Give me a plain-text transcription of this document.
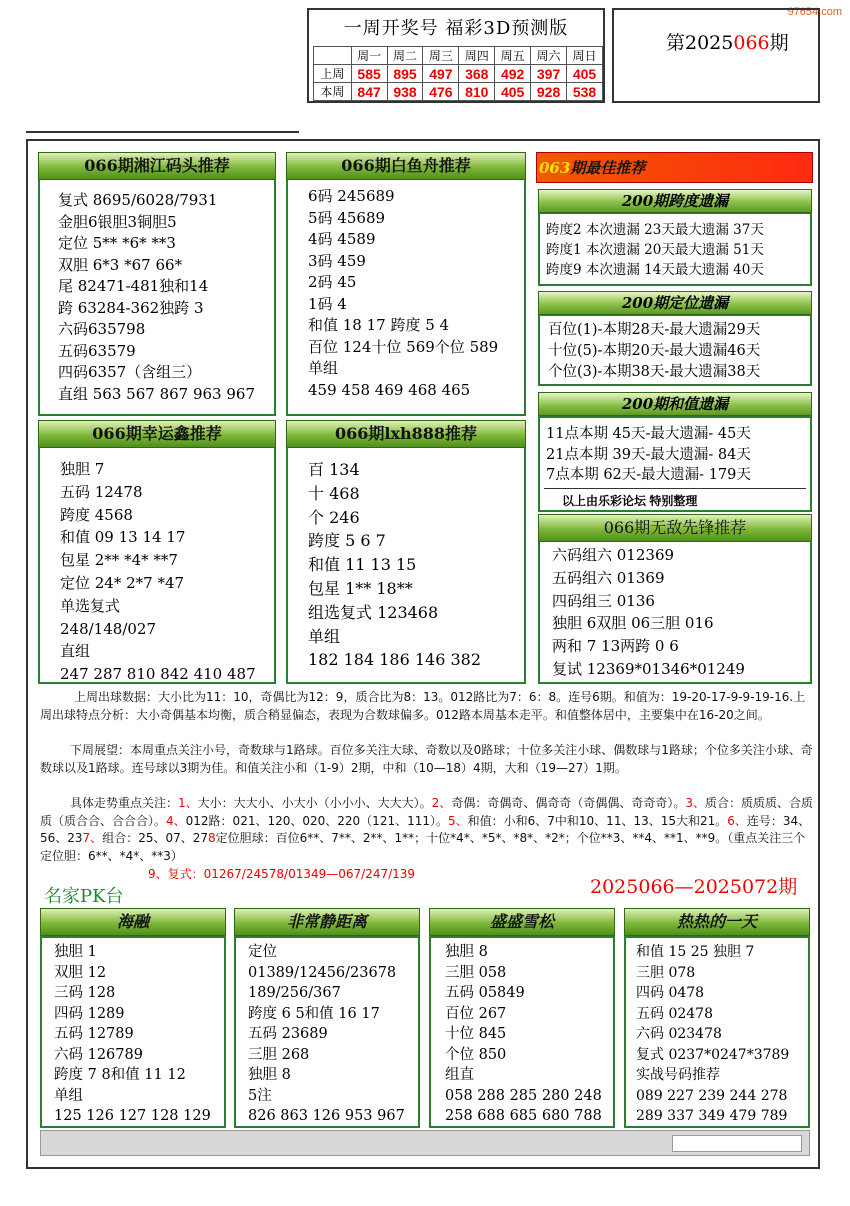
97654.com
一周开奖号 福彩3D预测版
	周一	周二	周三	周四	周五	周六	周日
上周	585	895	497	368	492	397	405
本周	847	938	476	810	405	928	538
第2025066期
复式 8695/6028/7931
金胆6银胆3铜胆5
定位 5** *6* **3
双胆 6*3 *67 66*
尾 82471-481独和14
跨 63284-362独跨 3
六码635798
五码63579
四码6357（含组三）
直组 563 567 867 963 967
066期湘江码头推荐
6码 245689
5码 45689
4码 4589
3码 459
2码 45
1码 4
和值 18 17 跨度 5 4
百位 124十位 569个位 589
单组
459 458 469 468 465
066期白鱼舟推荐
独胆 7
五码 12478
跨度 4568
和值 09 13 14 17
包星 2** *4* **7
定位 24* 2*7 *47
单选复式
248/148/027
直组
247 287 810 842 410 487
066期幸运鑫推荐
百 134
十 468
个 246
跨度 5 6 7
和值 11 13 15
包星 1** 18**
组选复式 123468
单组
182 184 186 146 382
066期lxh888推荐
063期最佳推荐
跨度2 本次遗漏 23天最大遗漏 37天
跨度1 本次遗漏 20天最大遗漏 51天
跨度9 本次遗漏 14天最大遗漏 40天
200期跨度遗漏
百位(1)-本期28天-最大遗漏29天
十位(5)-本期20天-最大遗漏46天
个位(3)-本期38天-最大遗漏38天
200期定位遗漏
11点本期 45天-最大遗漏- 45天
21点本期 39天-最大遗漏- 84天
7点本期 62天-最大遗漏- 179天
以上由乐彩论坛 特别整理
200期和值遗漏
六码组六 012369
五码组六 01369
四码组三 0136
独胆 6双胆 06三胆 016
两和 7 13两跨 0 6
复试 12369*01346*01249
066期无敌先锋推荐
上周出球数据：大小比为11：10，奇偶比为12：9，质合比为8：13。012路比为7：6：8。连号6期。和值为：19-20-17-9-9-19-16.上周出球特点分析：大小奇偶基本均衡，质合稍显偏态，表现为合数球偏多。012路本周基本走平。和值整体居中，主要集中在16-20之间。
下周展望：本周重点关注小号，奇数球与1路球。百位多关注大球、奇数以及0路球；十位多关注小球、偶数球与1路球；个位多关注小球、奇数球以及1路球。连号球以3期为佳。和值关注小和（1-9）2期，中和（10—18）4期，大和（19—27）1期。
具体走势重点关注：1、大小：大大小、小大小（小小小、大大大）。2、奇偶：奇偶奇、偶奇奇（奇偶偶、奇奇奇）。3、质合：质质质、合质质（质合合、合合合）。4、012路：021、120、020、220（121、111）。5、和值：小和6、7中和10、11、13、15大和21。6、连号：34、56、237、组合：25、07、278定位胆球：百位6**、7**、2**、1**；十位*4*、*5*、*8*、*2*；个位**3、**4、**1、**9。（重点关注三个定位胆：6**、*4*、**3）
9、复式：01267/24578/01349—067/247/139
名家PK台	2025066—2025072期
独胆 1
双胆 12
三码 128
四码 1289
五码 12789
六码 126789
跨度 7 8和值 11 12
单组
125 126 127 128 129
海融
定位
01389/12456/23678
189/256/367
跨度 6 5和值 16 17
五码 23689
三胆 268
独胆 8
5注
826 863 126 953 967
非常静距离
独胆 8
三胆 058
五码 05849
百位 267
十位 845
个位 850
组直
058 288 285 280 248
258 688 685 680 788
盛盛雪松
和值 15 25 独胆 7
三胆 078
四码 0478
五码 02478
六码 023478
复式 0237*0247*3789
实战号码推荐
089 227 239 244 278
289 337 349 479 789
热热的一天
